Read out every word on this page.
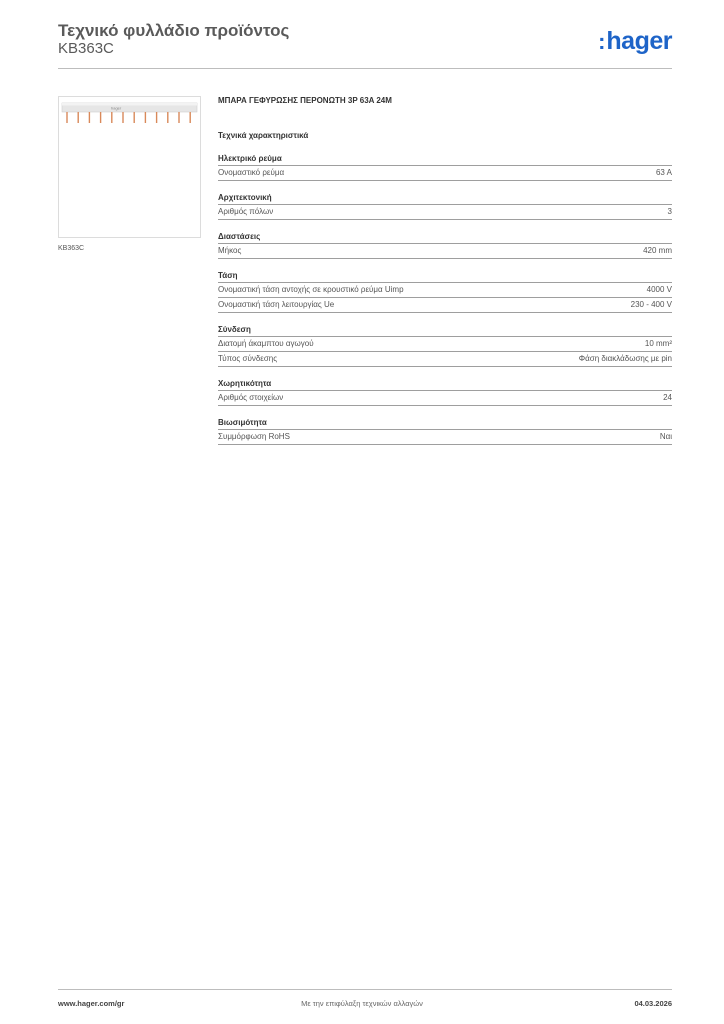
Τεχνικό φυλλάδιο προϊόντος
KB363C	:hager
hager
KB363C
ΜΠΑΡΑ ΓΕΦΥΡΩΣΗΣ ΠΕΡΟΝΩΤΗ 3P 63A 24M
Τεχνικά χαρακτηριστικά
Ηλεκτρικό ρεύμα
Ονομαστικό ρεύμα	63 A
Αρχιτεκτονική
Αριθμός πόλων	3
Διαστάσεις
Μήκος	420 mm
Τάση
Ονομαστική τάση αντοχής σε κρουστικό ρεύμα Uimp	4000 V
Ονομαστική τάση λειτουργίας Ue	230 - 400 V
Σύνδεση
Διατομή άκαμπτου αγωγού	10 mm²
Τύπος σύνδεσης	Φάση διακλάδωσης με pin
Χωρητικότητα
Αριθμός στοιχείων	24
Βιωσιμότητα
Συμμόρφωση RoHS	Ναι
www.hager.com/gr	Με την επιφύλαξη τεχνικών αλλαγών	04.03.2026
